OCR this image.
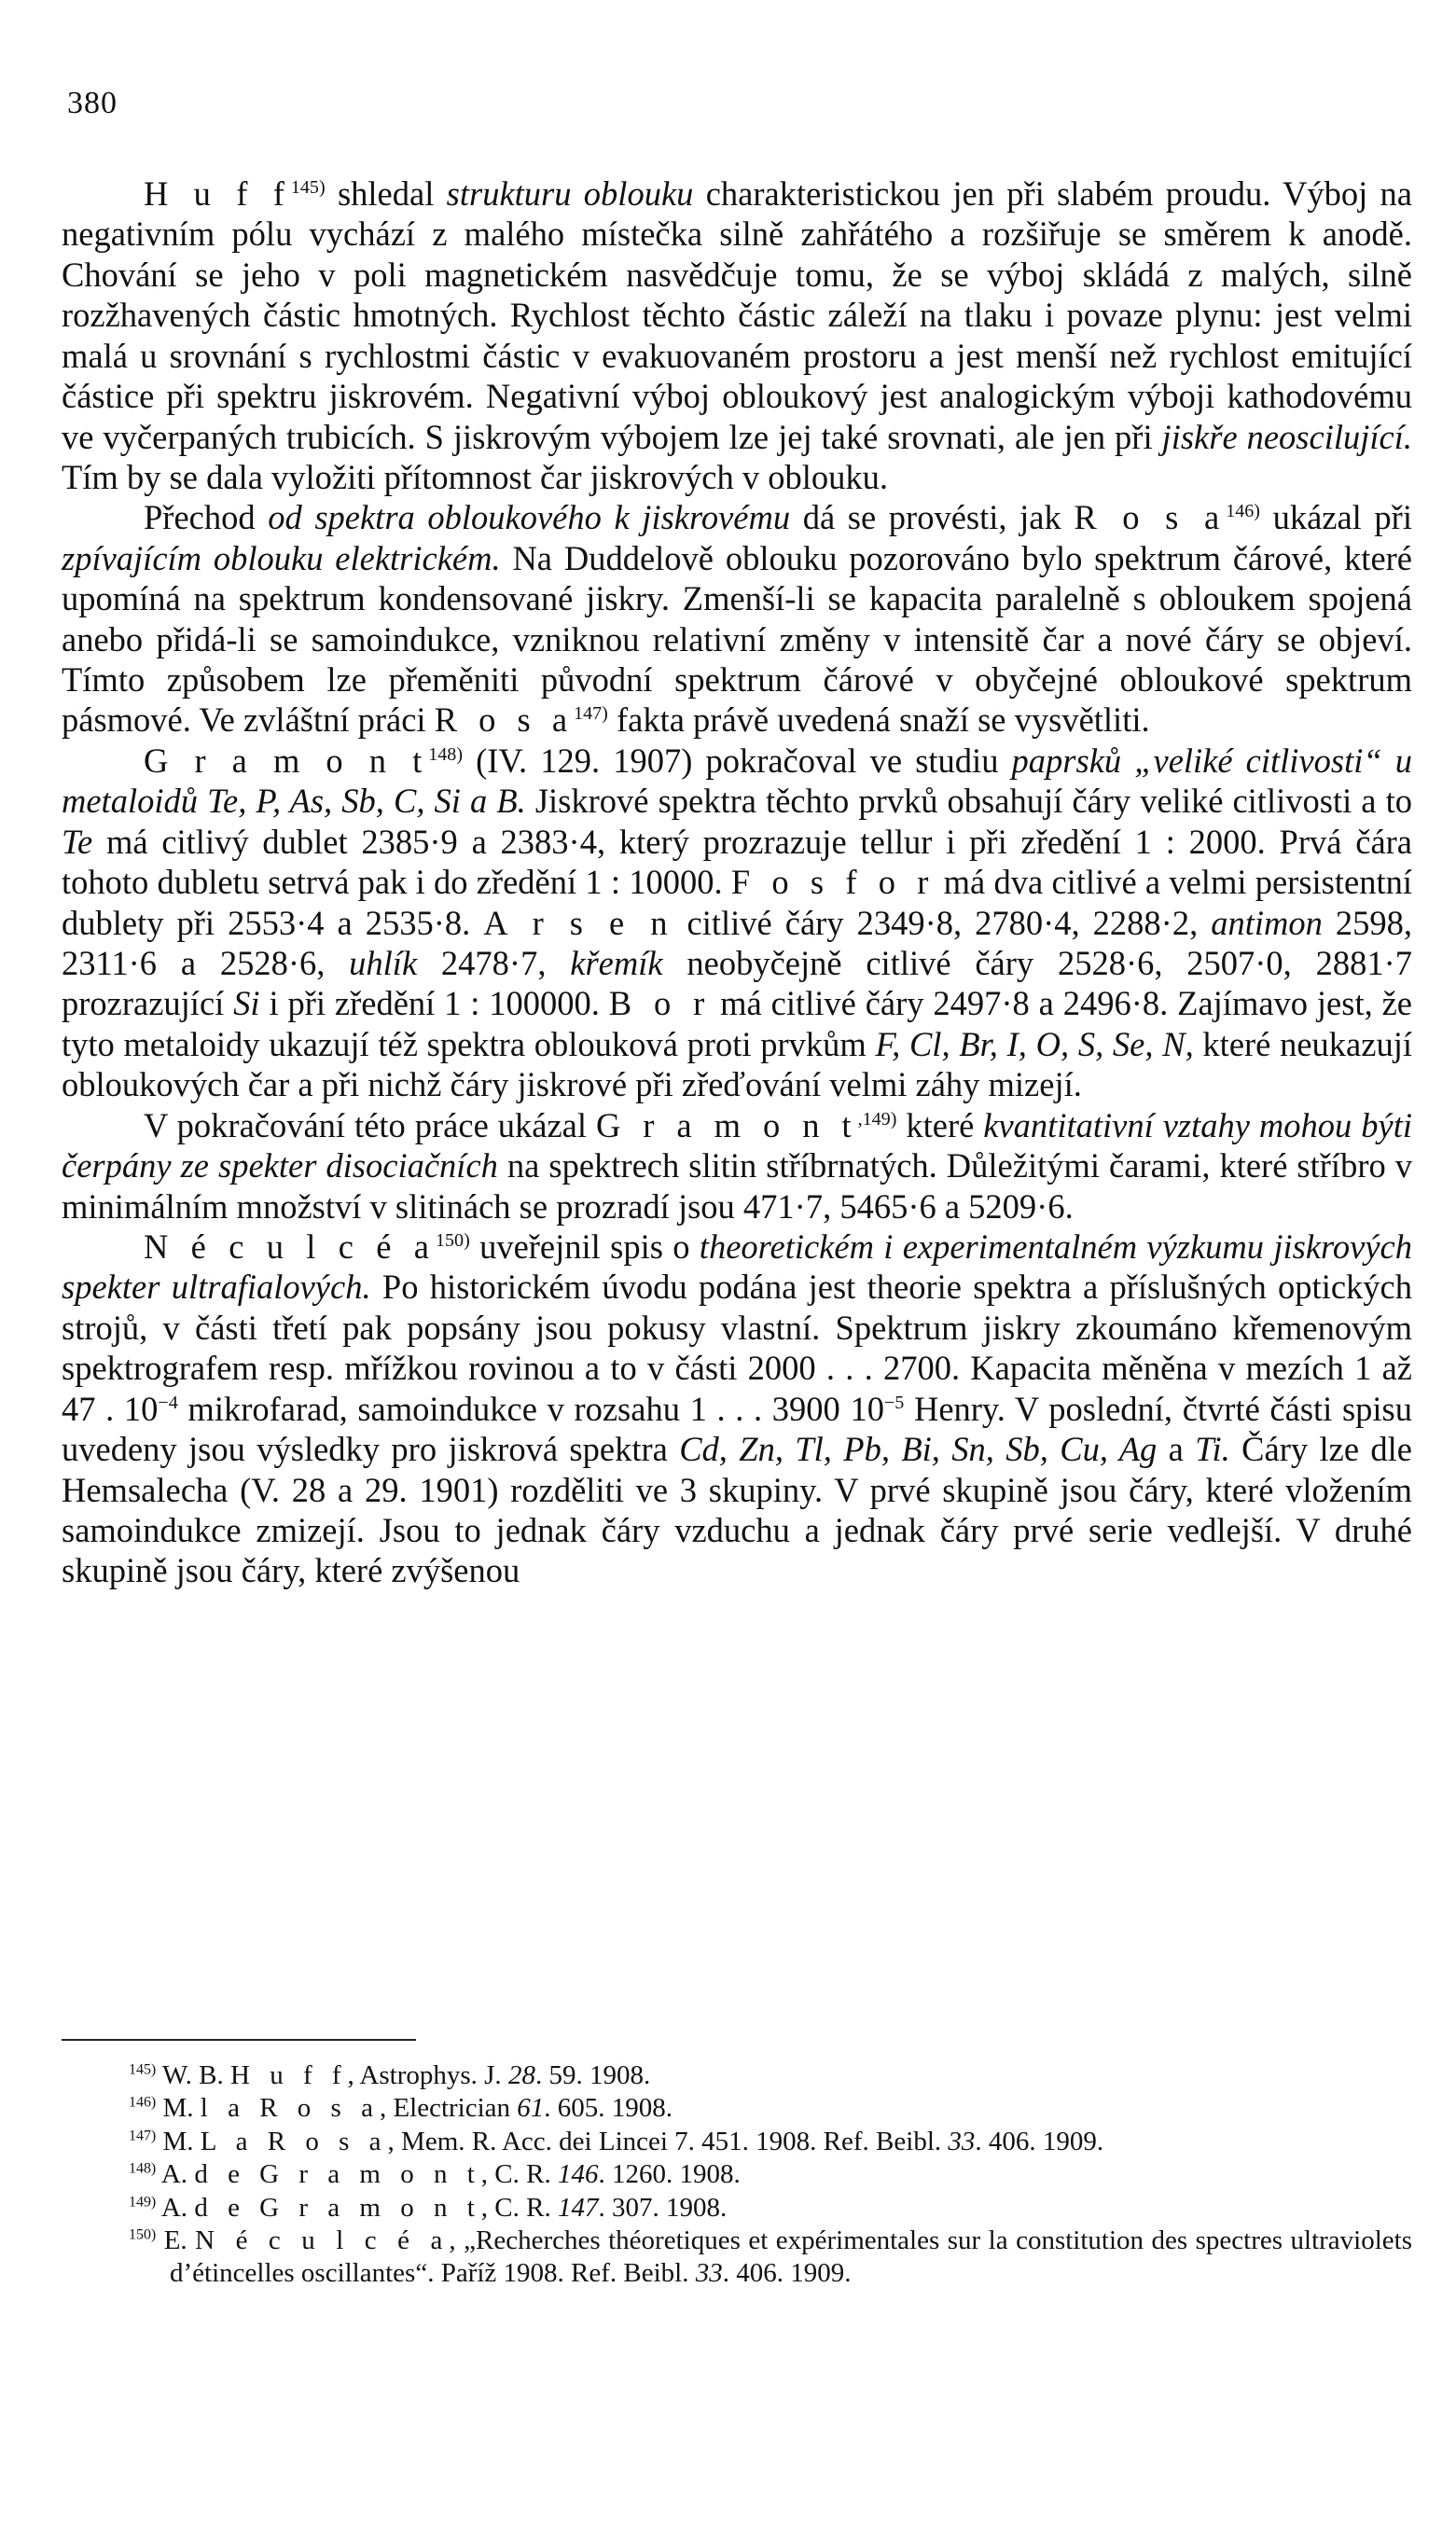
380

H u f $f^{145)}$ shledal strukturu oblouku charakteristickou jen při slabém proudu. Výboj na negativním pólu vychází z malého místečka silně zahřátého a rozšiřuje se směrem k anodě. Chování se jeho v poli magnetickém nasvědčuje tomu, že se výboj skládá z malých, silně rozžhavených částic hmotných. Rychlost těchto částic záleží na tlaku i povaze plynu: jest velmi malá u srovnání s rychlostmi částic v evakuovaném prostoru a jest menší než rychlost emitující částice při spektru jiskrovém. Negativní výboj obloukový jest analogickým výboji kathodovému ve vyčerpaných trubicích. S jiskrovým výbojem lze jej také srovnati, ale jen při jiskře neoscilující. Tím by se dala vyložiti přítomnost čar jiskrových v oblouku.

Přechod od spektra obloukového k jiskrovému dá se provésti, jak R o s $a^{146)}$ ukázal při zpívajícím oblouku elektrickém. Na Duddelově oblouku pozorováno bylo spektrum čárové, které upomíná na spektrum kondensované jiskry. Zmenší-li se kapacita paralelně s obloukem spojená anebo přidá-li se samoindukce, vzniknou relativní změny v intensitě čar a nové čáry se objeví. Tímto způsobem lze přeměniti původní spektrum čárové v obyčejné obloukové spektrum pásmové. Ve zvláštní práci R o s $a^{147)}$ fakta právě uvedená snaží se vysvětliti.

G r a m o n $t^{148)}$ (IV. 129. 1907) pokračoval ve studiu paprsků „veliké citlivosti“ u metaloidů Te, P, As, Sb, C, Si a B. Jiskrové spektra těchto prvků obsahují čáry veliké citlivosti a to Te má citlivý dublet 2385·9 a 2383·4, který prozrazuje tellur i při zředění 1 : 2000. Prvá čára tohoto dubletu setrvá pak i do zředění 1 : 10000. F o s f o r má dva citlivé a velmi persistentní dublety při 2553·4 a 2535·8. A r s e n citlivé čáry 2349·8, 2780·4, 2288·2, antimon 2598, 2311·6 a 2528·6, uhlík 2478·7, křemík neobyčejně citlivé čáry 2528·6, 2507·0, 2881·7 prozrazující Si i při zředění 1 : 100000. B o r má citlivé čáry 2497·8 a 2496·8. Zajímavo jest, že tyto metaloidy ukazují též spektra oblouková proti prvkům F, Cl, Br, I, O, S, Se, N, které neukazují obloukových čar a při nichž čáry jiskrové při zřeďování velmi záhy mizejí.

V pokračování této práce ukázal G r a m o n $t^{,149)}$ které kvantitativní vztahy mohou býti čerpány ze spekter disociačních na spektrech slitin stříbrnatých. Důležitými čarami, které stříbro v minimálním množství v slitinách se prozradí jsou 471·7, 5465·6 a 5209·6.

N é c u l c é $a^{150)}$ uveřejnil spis o theoretickém i experimentalném výzkumu jiskrových spekter ultrafialových. Po historickém úvodu podána jest theorie spektra a příslušných optických strojů, v části třetí pak popsány jsou pokusy vlastní. Spektrum jiskry zkoumáno křemenovým spektrografem resp. mřížkou rovinou a to v části 2000 . . . 2700. Kapacita měněna v mezích 1 až 47 . $10^{-4}$ mikrofarad, samoindukce v rozsahu 1 . . . 3900 $10^{-5}$ Henry. V poslední, čtvrté části spisu uvedeny jsou výsledky pro jiskrová spektra Cd, Zn, Tl, Pb, Bi, Sn, Sb, Cu, Ag a Ti. Čáry lze dle Hemsalecha (V. 28 a 29. 1901) rozděliti ve 3 skupiny. V prvé skupině jsou čáry, které vložením samoindukce zmizejí. Jsou to jednak čáry vzduchu a jednak čáry prvé serie vedlejší. V druhé skupině jsou čáry, které zvýšenou

$^{145)}$ W. B. H u f f, Astrophys. J. 28. 59. 1908.

$^{146)}$ M. l a R o s a, Electrician 61. 605. 1908.

$^{147)}$ M. L a R o s a, Mem. R. Acc. dei Lincei 7. 451. 1908. Ref. Beibl. 33. 406. 1909.

$^{148)}$ A. d e G r a m o n t, C. R. 146. 1260. 1908.

$^{149)}$ A. d e G r a m o n t, C. R. 147. 307. 1908.

$^{150)}$ E. N é c u l c é a, „Recherches théoretiques et expérimentales sur la constitution des spectres ultraviolets d’étincelles oscillantes“. Paříž 1908. Ref. Beibl. 33. 406. 1909.
